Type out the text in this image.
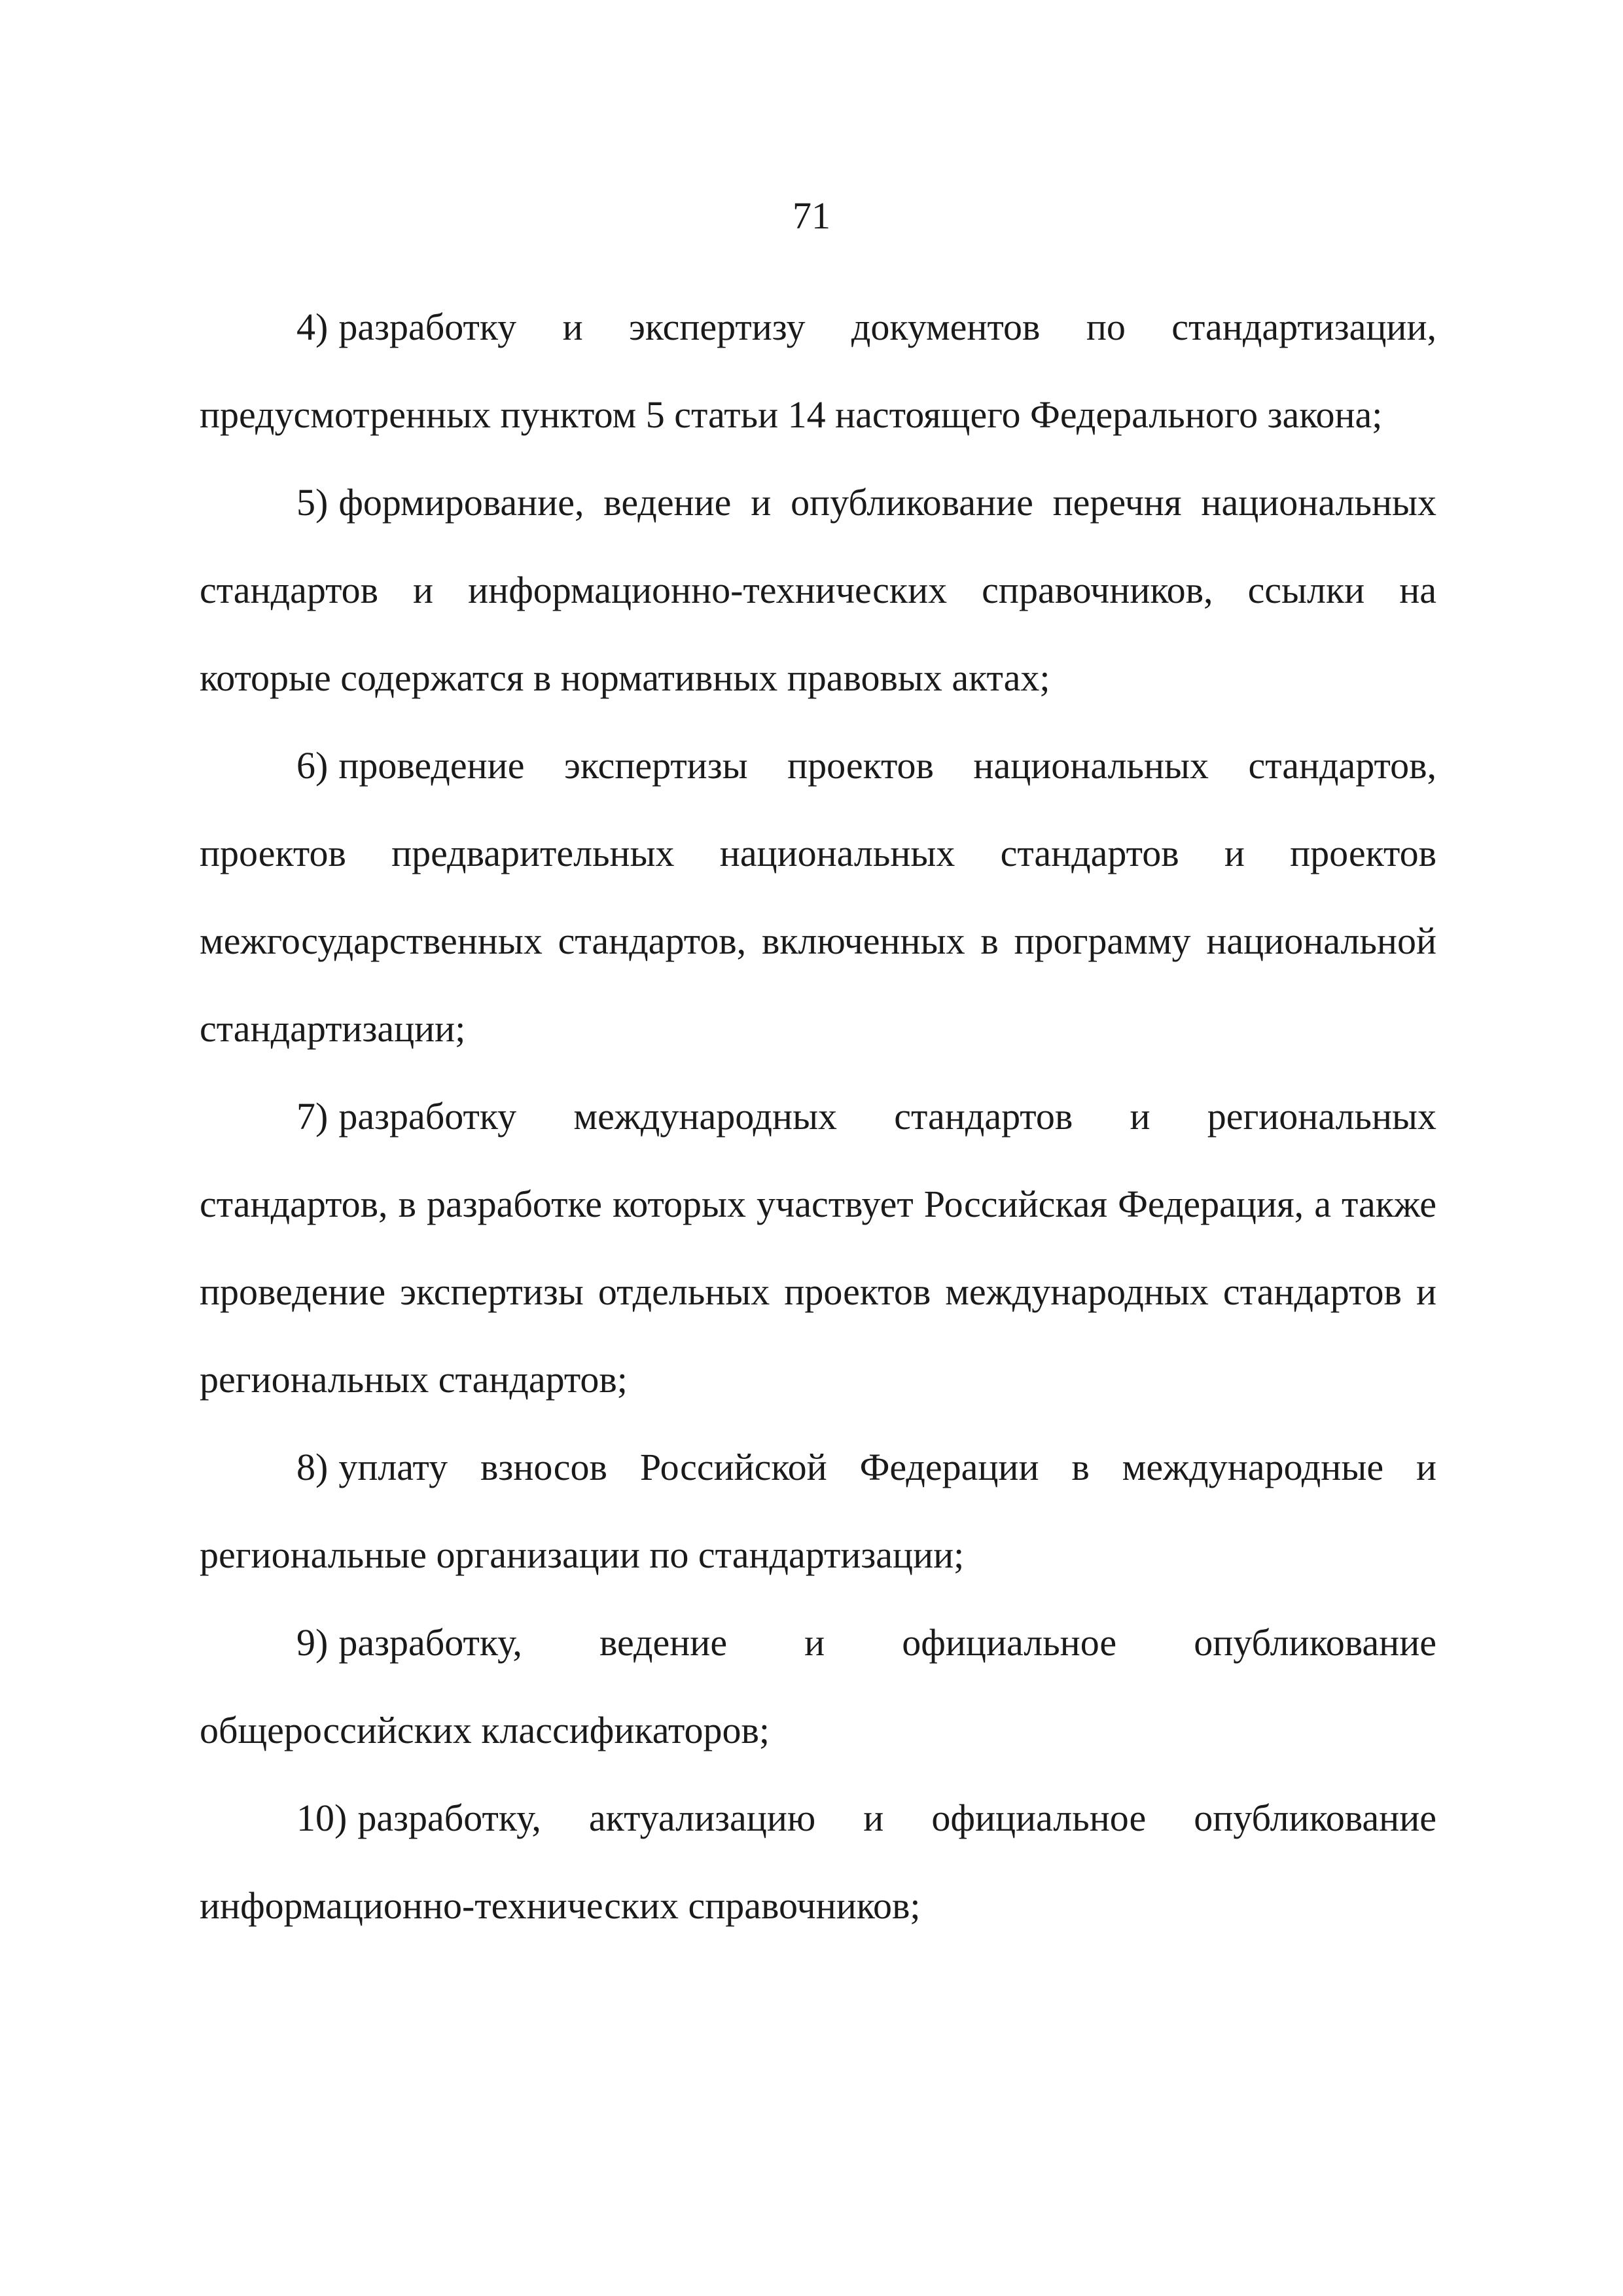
71

4) разработку и экспертизу документов по стандартизации, предусмотренных пунктом 5 статьи 14 настоящего Федерального закона;

5) формирование, ведение и опубликование перечня национальных стандартов и информационно-технических справочников, ссылки на которые содержатся в нормативных правовых актах;

6) проведение экспертизы проектов национальных стандартов, проектов предварительных национальных стандартов и проектов межгосударственных стандартов, включенных в программу национальной стандартизации;

7) разработку международных стандартов и региональных стандартов, в разработке которых участвует Российская Федерация, а также проведение экспертизы отдельных проектов международных стандартов и региональных стандартов;

8) уплату взносов Российской Федерации в международные и региональные организации по стандартизации;

9) разработку, ведение и официальное опубликование общероссийских классификаторов;

10) разработку, актуализацию и официальное опубликование информационно-технических справочников;
